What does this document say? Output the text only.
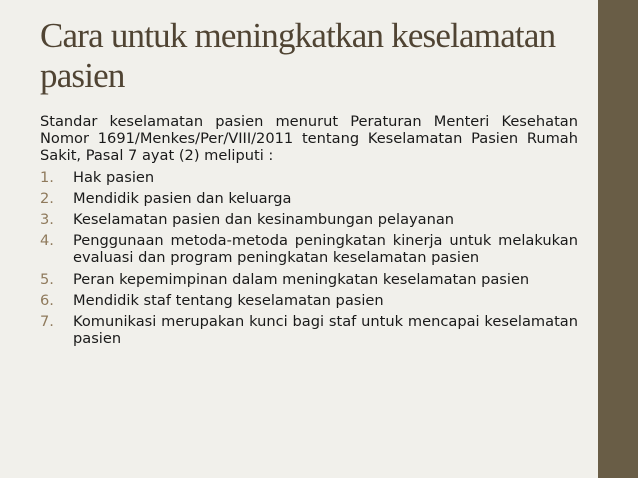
Cara untuk meningkatkan keselamatan pasien

Standar keselamatan pasien menurut Peraturan Menteri Kesehatan Nomor 1691/Menkes/Per/VIII/2011 tentang Keselamatan Pasien Rumah Sakit, Pasal 7 ayat (2) meliputi :

1.	Hak pasien
2.	Mendidik pasien dan keluarga
3.	Keselamatan pasien dan kesinambungan pelayanan
4.	Penggunaan metoda-metoda peningkatan kinerja untuk melakukan evaluasi dan program peningkatan keselamatan pasien
5.	Peran kepemimpinan dalam meningkatan keselamatan pasien
6.	Mendidik staf tentang keselamatan pasien
7.	Komunikasi merupakan kunci bagi staf untuk mencapai keselamatan pasien
